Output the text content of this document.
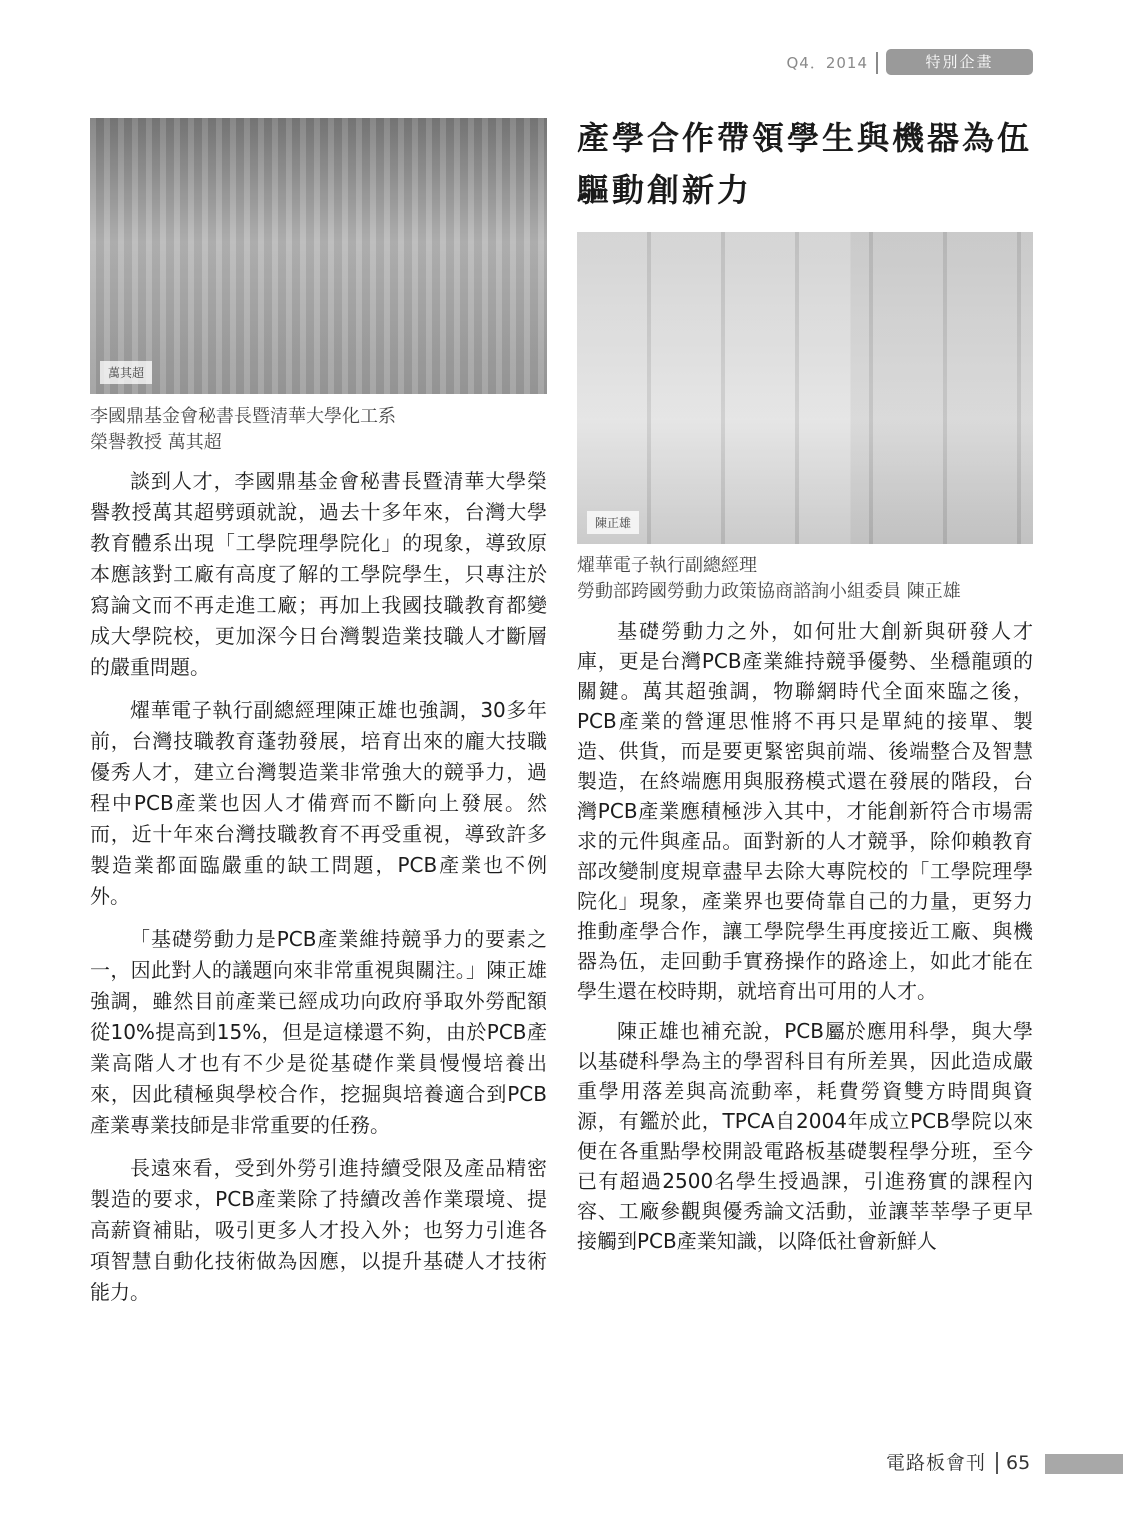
Q4．2014	特別企畫
萬其超
李國鼎基金會秘書長暨清華大學化工系
榮譽教授 萬其超
產學合作帶領學生與機器為伍
驅動創新力
陳正雄
燿華電子執行副總經理
勞動部跨國勞動力政策協商諮詢小組委員 陳正雄

談到人才，李國鼎基金會秘書長暨清華大學榮譽教授萬其超劈頭就說，過去十多年來，台灣大學教育體系出現「工學院理學院化」的現象，導致原本應該對工廠有高度了解的工學院學生，只專注於寫論文而不再走進工廠；再加上我國技職教育都變成大學院校，更加深今日台灣製造業技職人才斷層的嚴重問題。

燿華電子執行副總經理陳正雄也強調，30多年前，台灣技職教育蓬勃發展，培育出來的龐大技職優秀人才，建立台灣製造業非常強大的競爭力，過程中PCB產業也因人才備齊而不斷向上發展。然而，近十年來台灣技職教育不再受重視，導致許多製造業都面臨嚴重的缺工問題，PCB產業也不例外。

「基礎勞動力是PCB產業維持競爭力的要素之一，因此對人的議題向來非常重視與關注。」陳正雄強調，雖然目前產業已經成功向政府爭取外勞配額從10%提高到15%，但是這樣還不夠，由於PCB產業高階人才也有不少是從基礎作業員慢慢培養出來，因此積極與學校合作，挖掘與培養適合到PCB產業專業技師是非常重要的任務。

長遠來看，受到外勞引進持續受限及產品精密製造的要求，PCB產業除了持續改善作業環境、提高薪資補貼，吸引更多人才投入外；也努力引進各項智慧自動化技術做為因應，以提升基礎人才技術能力。

基礎勞動力之外，如何壯大創新與研發人才庫，更是台灣PCB產業維持競爭優勢、坐穩龍頭的關鍵。萬其超強調，物聯網時代全面來臨之後，PCB產業的營運思惟將不再只是單純的接單、製造、供貨，而是要更緊密與前端、後端整合及智慧製造，在終端應用與服務模式還在發展的階段，台灣PCB產業應積極涉入其中，才能創新符合市場需求的元件與產品。面對新的人才競爭，除仰賴教育部改變制度規章盡早去除大專院校的「工學院理學院化」現象，產業界也要倚靠自己的力量，更努力推動產學合作，讓工學院學生再度接近工廠、與機器為伍，走回動手實務操作的路途上，如此才能在學生還在校時期，就培育出可用的人才。

陳正雄也補充說，PCB屬於應用科學，與大學以基礎科學為主的學習科目有所差異，因此造成嚴重學用落差與高流動率，耗費勞資雙方時間與資源，有鑑於此，TPCA自2004年成立PCB學院以來便在各重點學校開設電路板基礎製程學分班，至今已有超過2500名學生授過課，引進務實的課程內容、工廠參觀與優秀論文活動，並讓莘莘學子更早接觸到PCB產業知識，以降低社會新鮮人

電路板會刊 65
